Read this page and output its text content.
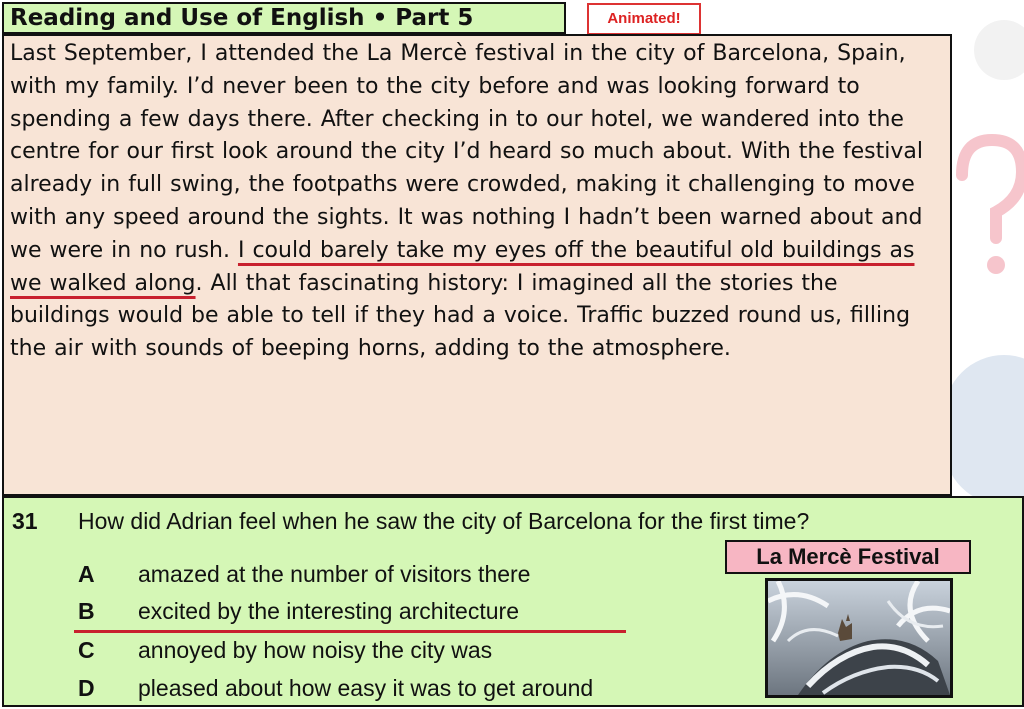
Reading and Use of English • Part 5	Animated!
Last September, I attended the La Mercè festival in the city of Barcelona, Spain, with my family. I’d never been to the city before and was looking forward to spending a few days there. After checking in to our hotel, we wandered into the centre for our first look around the city I’d heard so much about. With the festival already in full swing, the footpaths were crowded, making it challenging to move with any speed around the sights. It was nothing I hadn’t been warned about and we were in no rush. I could barely take my eyes off the beautiful old buildings as we walked along. All that fascinating history: I imagined all the stories the buildings would be able to tell if they had a voice. Traffic buzzed round us, filling the air with sounds of beeping horns, adding to the atmosphere.
31 How did Adrian feel when he saw the city of Barcelona for the first time?
A amazed at the number of visitors there
B excited by the interesting architecture
C annoyed by how noisy the city was
D pleased about how easy it was to get around
La Mercè Festival
